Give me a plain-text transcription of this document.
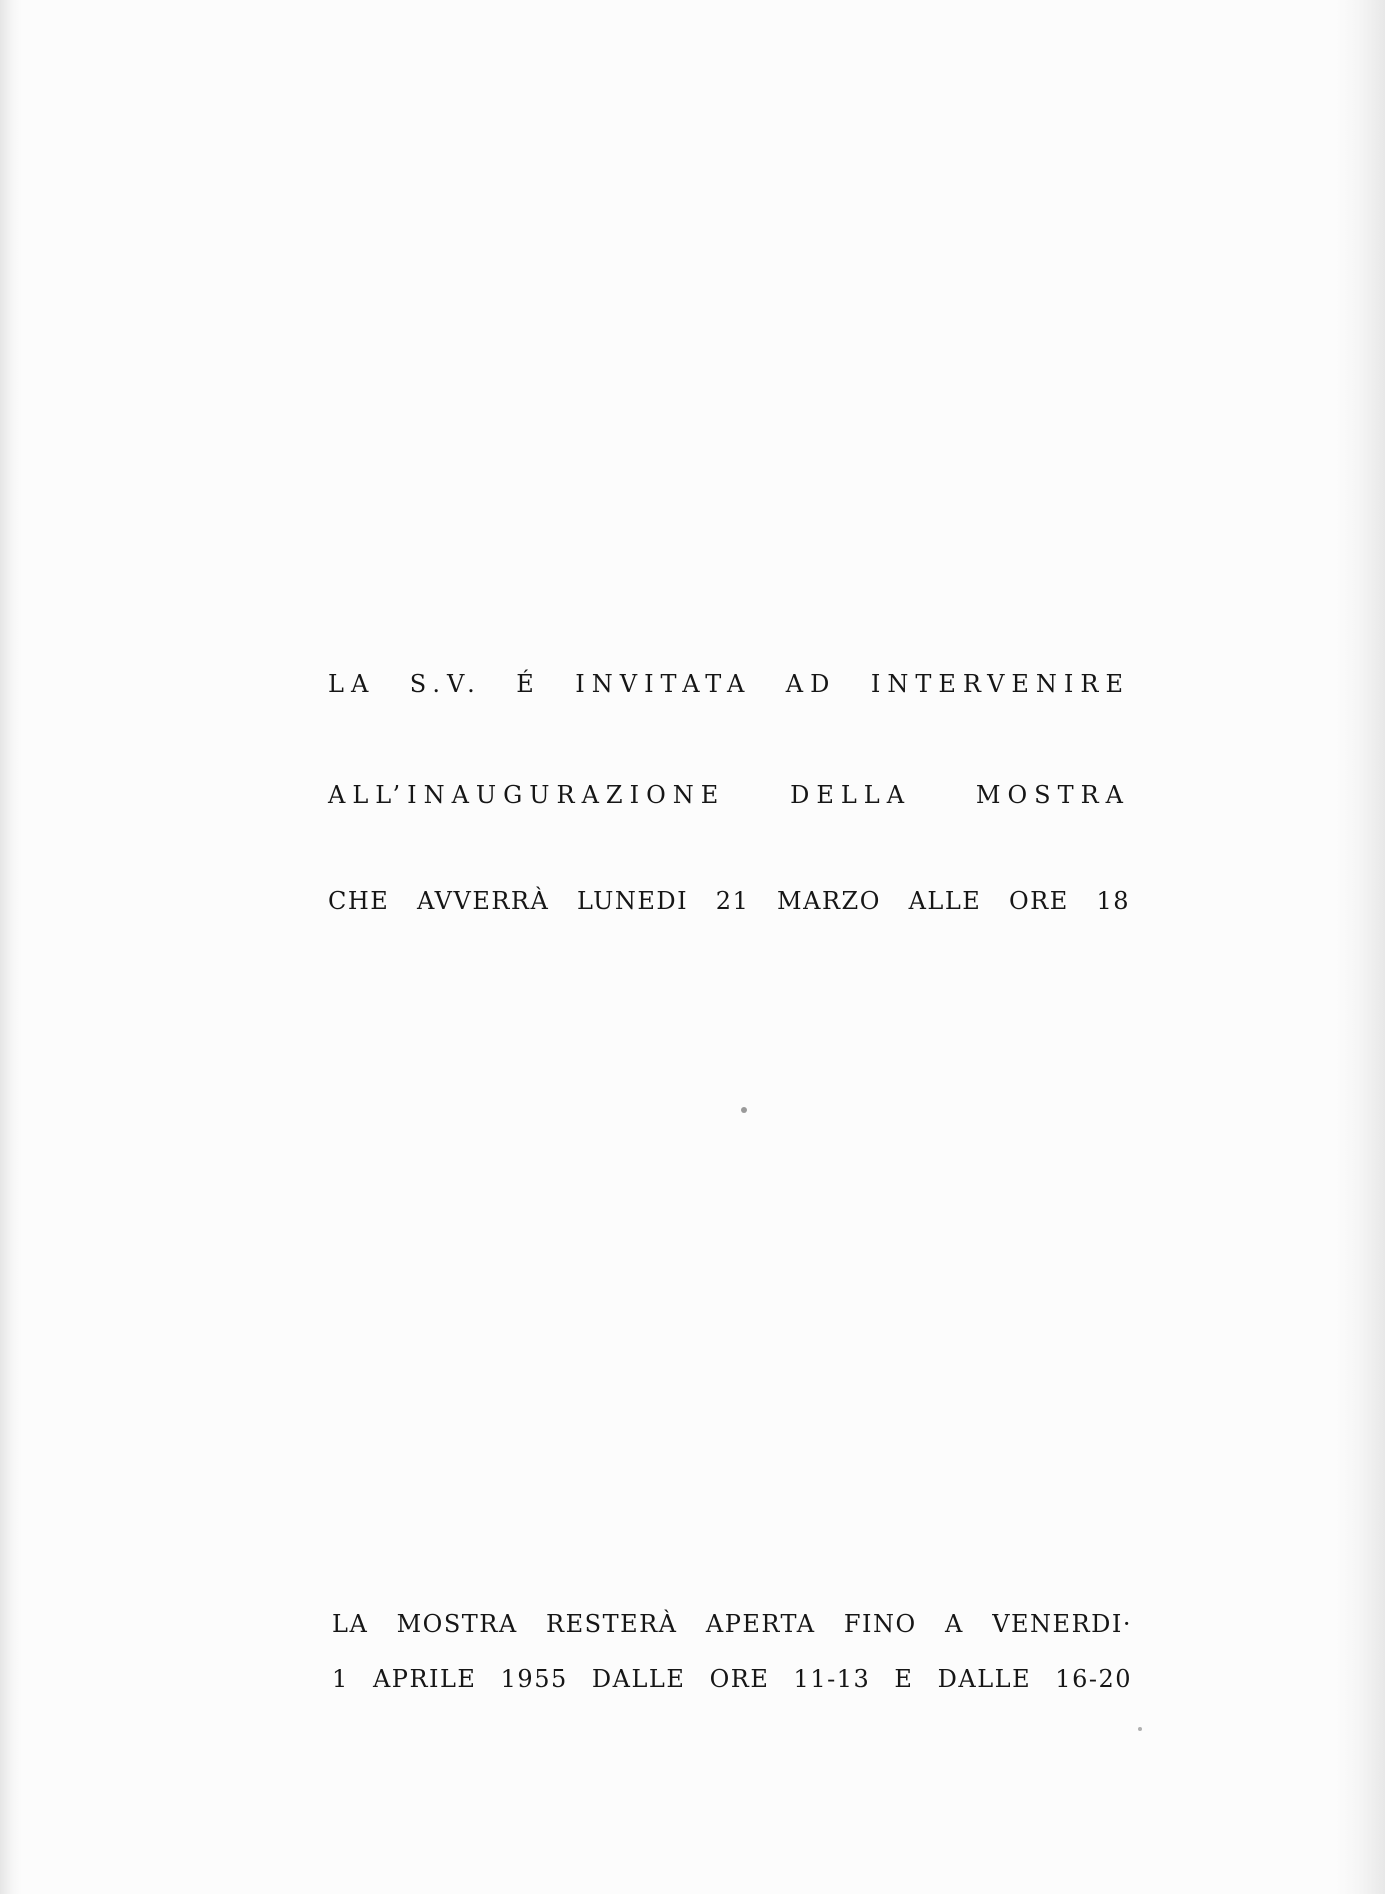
LA S.V. É INVITATA AD INTERVENIRE
ALL’INAUGURAZIONE DELLA MOSTRA
CHE AVVERRÀ LUNEDI 21 MARZO ALLE ORE 18
LA MOSTRA RESTERÀ APERTA FINO A VENERDI·
1 APRILE 1955 DALLE ORE 11-13 E DALLE 16-20
